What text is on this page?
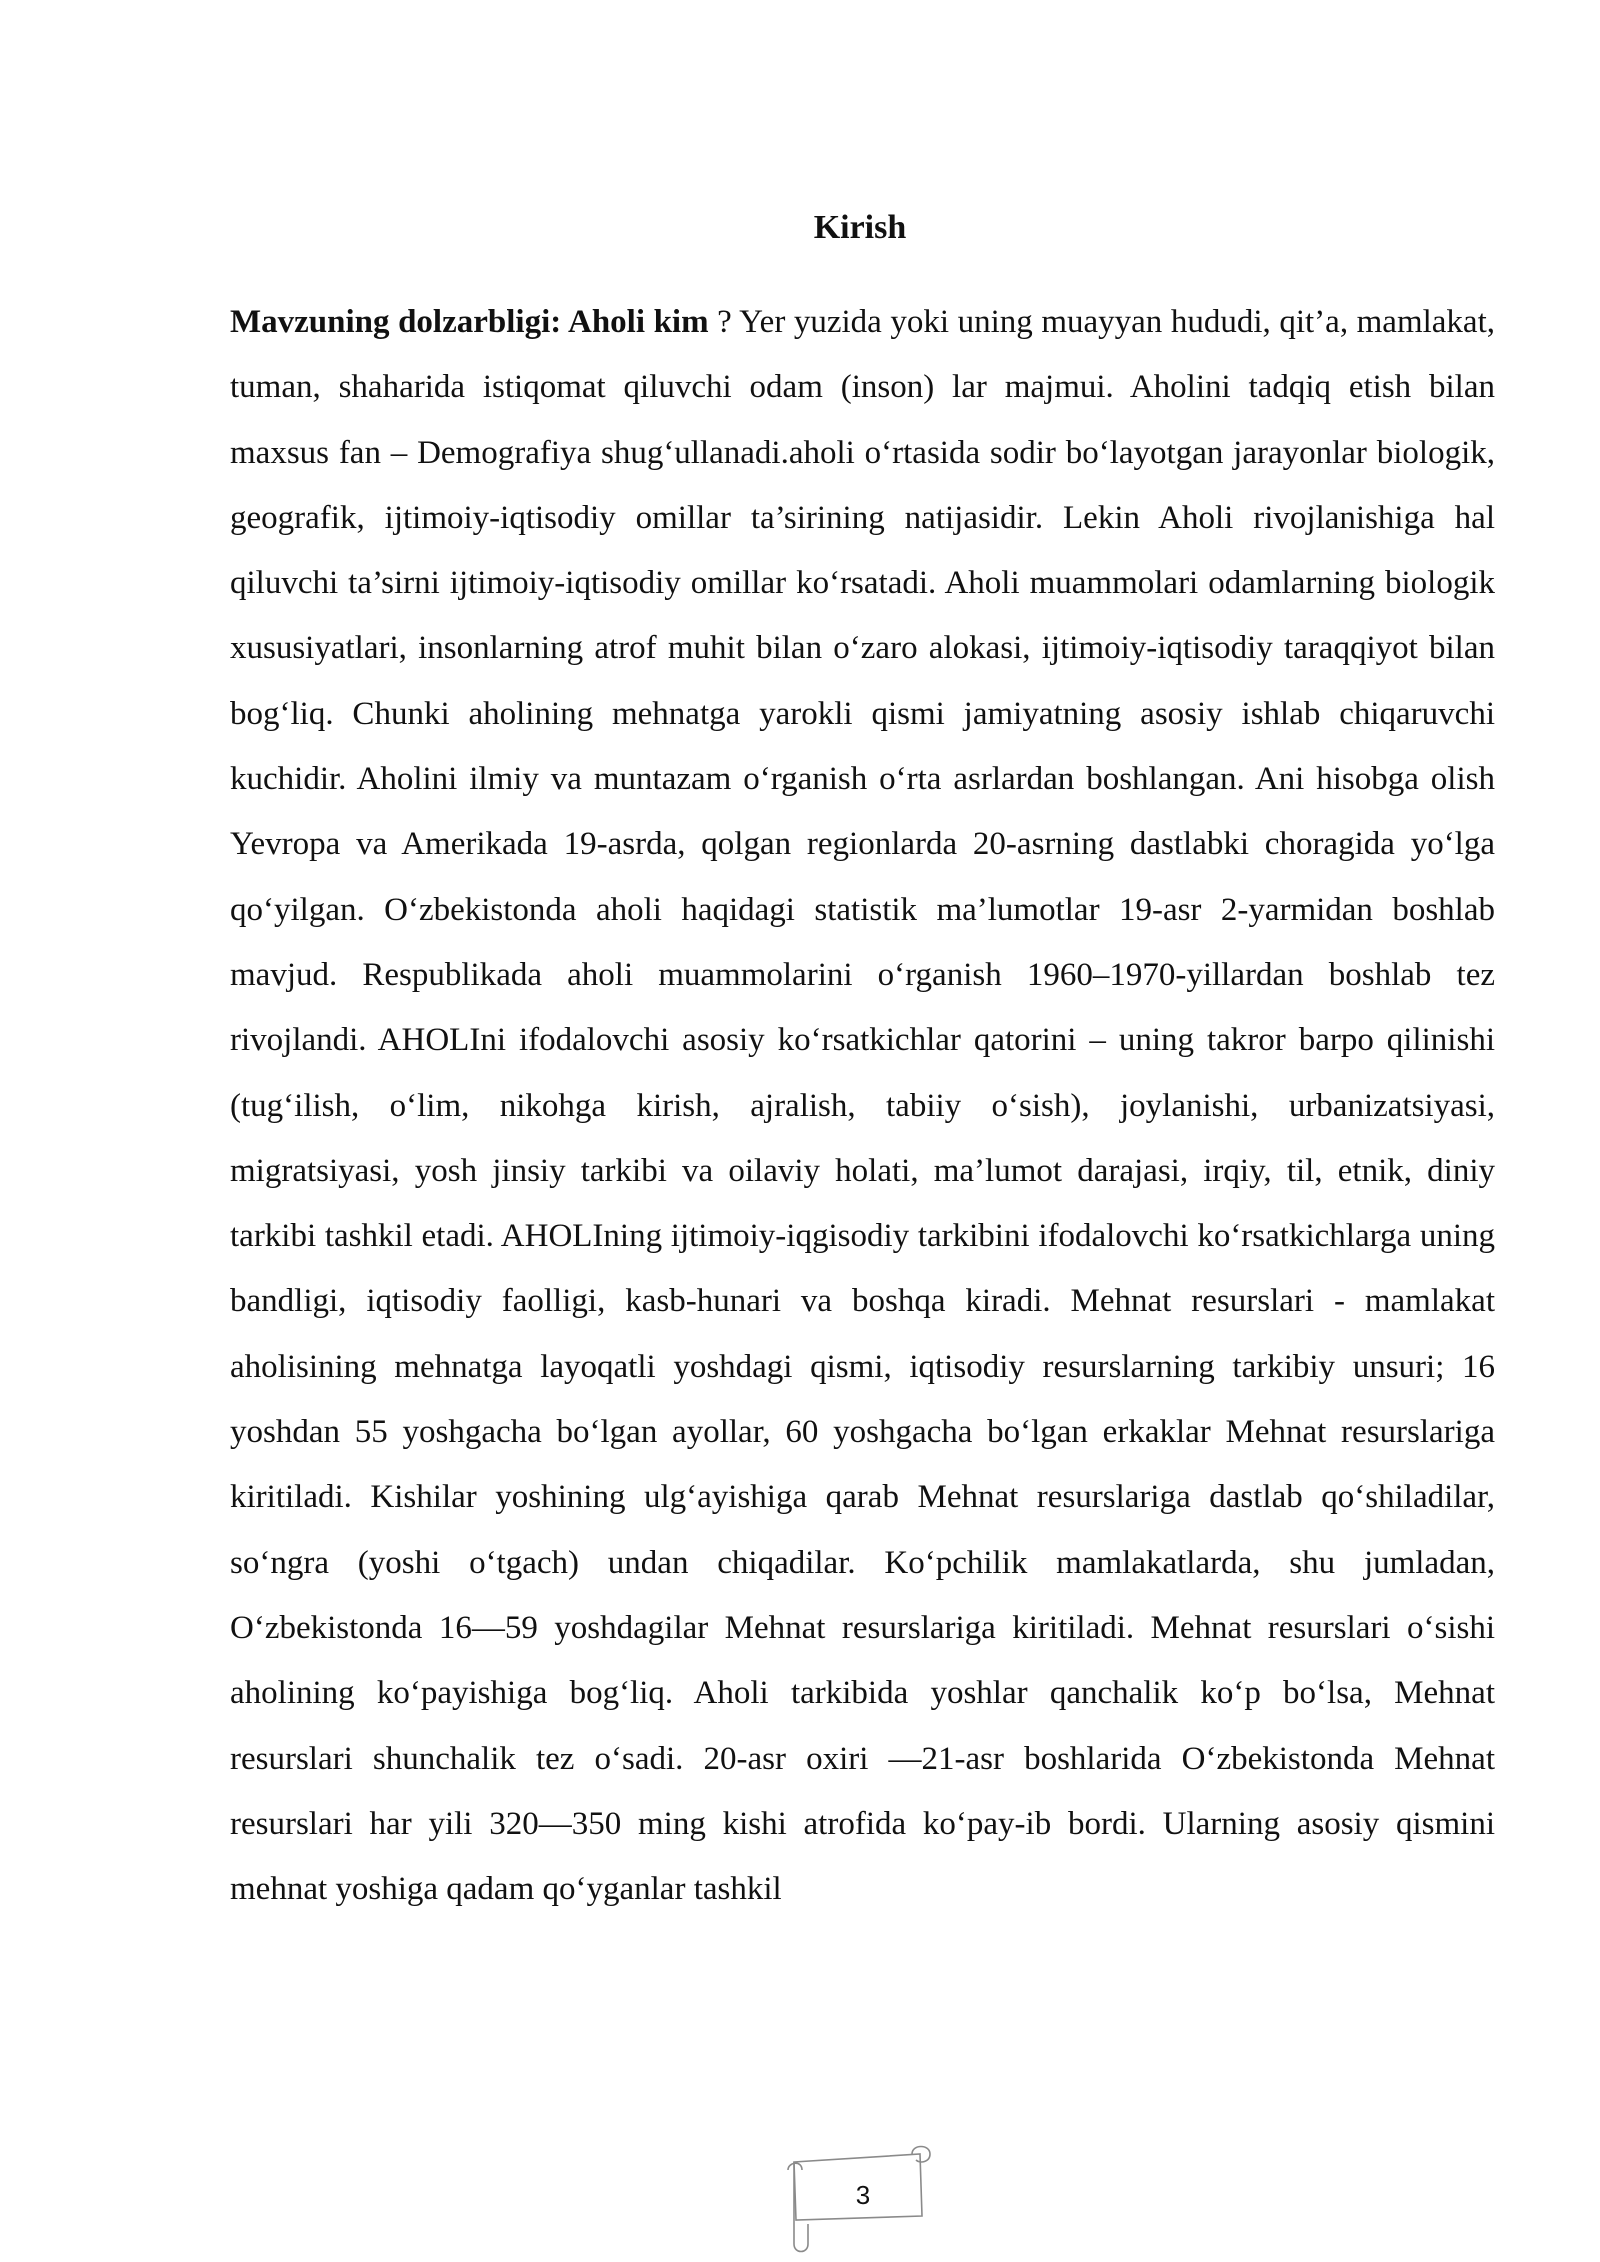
Kirish
Mavzuning dolzarbligi: Aholi kim ? Yer yuzida yoki uning muayyan hududi, qit’a, mamlakat, tuman, shaharida istiqomat qiluvchi odam (inson) lar majmui. Aholini tadqiq etish bilan maxsus fan – Demografiya shug‘ullanadi.aholi o‘rtasida sodir bo‘layotgan jarayonlar biologik, geografik, ijtimoiy-iqtisodiy omillar ta’sirining natijasidir. Lekin Aholi rivojlanishiga hal qiluvchi ta’sirni ijtimoiy-iqtisodiy omillar ko‘rsatadi. Aholi muammolari odamlarning biologik xususiyatlari, insonlarning atrof muhit bilan o‘zaro alokasi, ijtimoiy-iqtisodiy taraqqiyot bilan bog‘liq. Chunki aholining mehnatga yarokli qismi jamiyatning asosiy ishlab chiqaruvchi kuchidir. Aholini ilmiy va muntazam o‘rganish o‘rta asrlardan boshlangan. Ani hisobga olish Yevropa va Amerikada 19-asrda, qolgan regionlarda 20-asrning dastlabki choragida yo‘lga qo‘yilgan. O‘zbekistonda aholi haqidagi statistik ma’lumotlar 19-asr 2-yarmidan boshlab mavjud. Respublikada aholi muammolarini o‘rganish 1960–1970-yillardan boshlab tez rivojlandi. AHOLIni ifodalovchi asosiy ko‘rsatkichlar qatorini – uning takror barpo qilinishi (tug‘ilish, o‘lim, nikohga kirish, ajralish, tabiiy o‘sish), joylanishi, urbanizatsiyasi, migratsiyasi, yosh jinsiy tarkibi va oilaviy holati, ma’lumot darajasi, irqiy, til, etnik, diniy tarkibi tashkil etadi. AHOLIning ijtimoiy-iqgisodiy tarkibini ifodalovchi ko‘rsatkichlarga uning bandligi, iqtisodiy faolligi, kasb-hunari va boshqa kiradi. Mehnat resurslari - mamlakat aholisining mehnatga layoqatli yoshdagi qismi, iqtisodiy resurslarning tarkibiy unsuri; 16 yoshdan 55 yoshgacha bo‘lgan ayollar, 60 yoshgacha bo‘lgan erkaklar Mehnat resurslariga kiritiladi. Kishilar yoshining ulg‘ayishiga qarab Mehnat resurslariga dastlab qo‘shiladilar, so‘ngra (yoshi o‘tgach) undan chiqadilar. Ko‘pchilik mamlakatlarda, shu jumladan, O‘zbekistonda 16—59 yoshdagilar Mehnat resurslariga kiritiladi. Mehnat resurslari o‘sishi aholining ko‘payishiga bog‘liq. Aholi tarkibida yoshlar qanchalik ko‘p bo‘lsa, Mehnat resurslari shunchalik tez o‘sadi. 20-asr oxiri —21-asr boshlarida O‘zbekistonda Mehnat resurslari har yili 320—350 ming kishi atrofida ko‘pay-ib bordi. Ularning asosiy qismini mehnat yoshiga qadam qo‘yganlar tashkil
3
